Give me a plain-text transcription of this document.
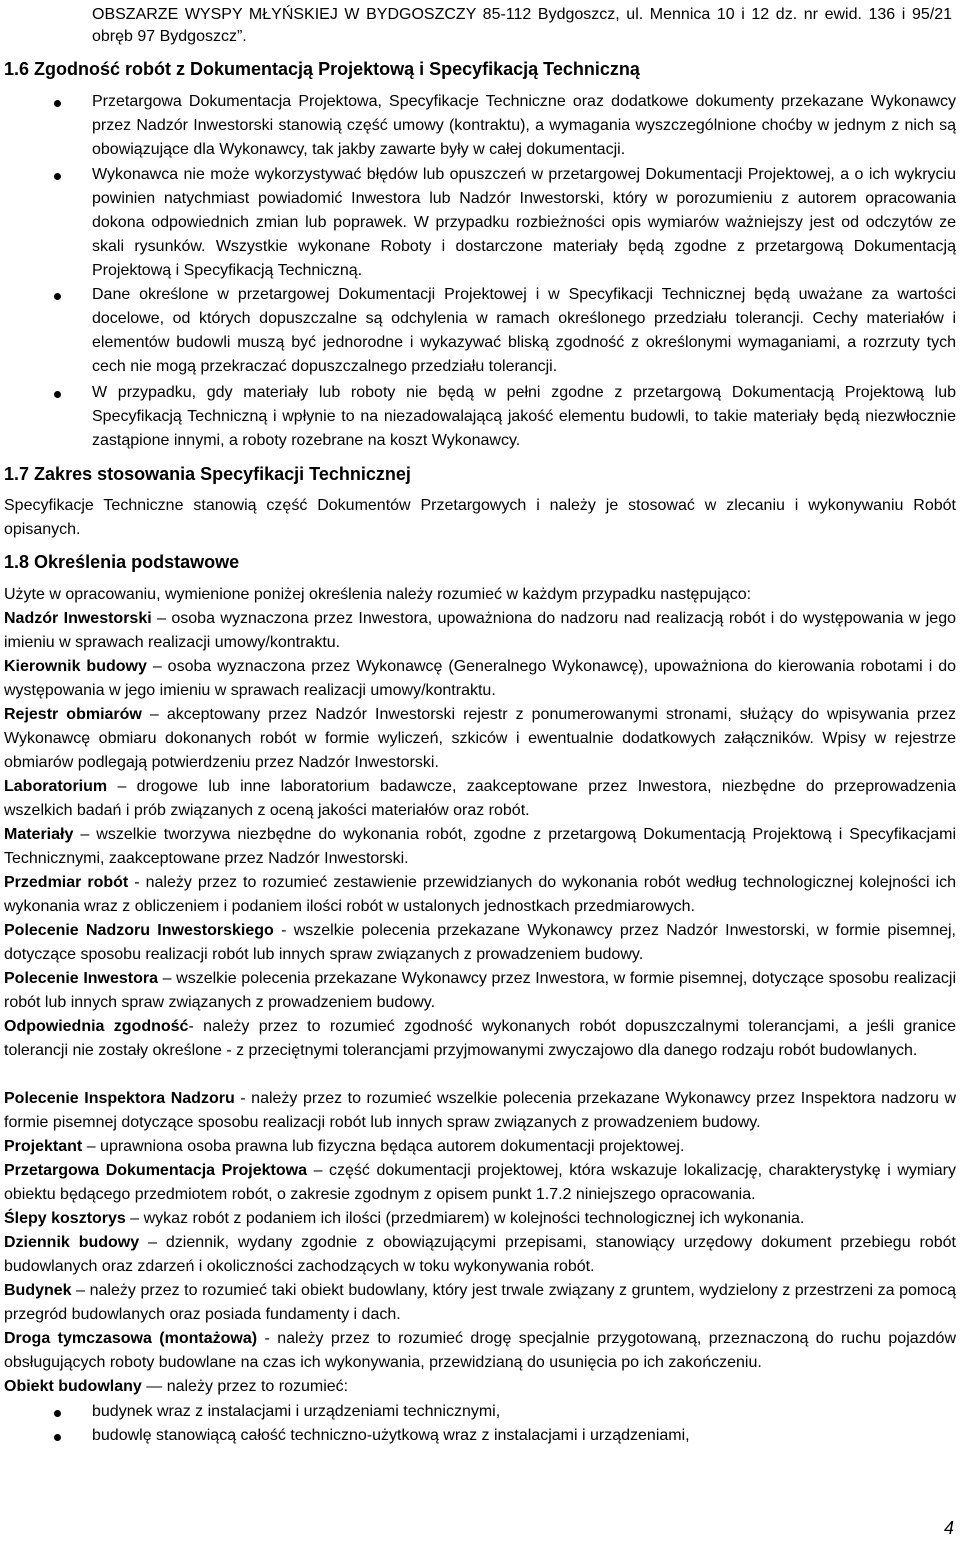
OBSZARZE WYSPY MŁYŃSKIEJ W BYDGOSZCZY 85-112 Bydgoszcz, ul. Mennica 10 i 12 dz. nr ewid. 136 i 95/21 obręb 97 Bydgoszcz”.
1.6 Zgodność robót z Dokumentacją Projektową i Specyfikacją Techniczną
Przetargowa Dokumentacja Projektowa, Specyfikacje Techniczne oraz dodatkowe dokumenty przekazane Wykonawcy przez Nadzór Inwestorski stanowią część umowy (kontraktu), a wymagania wyszczególnione choćby w jednym z nich są obowiązujące dla Wykonawcy, tak jakby zawarte były w całej dokumentacji.
Wykonawca nie może wykorzystywać błędów lub opuszczeń w przetargowej Dokumentacji Projektowej, a o ich wykryciu powinien natychmiast powiadomić Inwestora lub Nadzór Inwestorski, który w porozumieniu z autorem opracowania dokona odpowiednich zmian lub poprawek. W przypadku rozbieżności opis wymiarów ważniejszy jest od odczytów ze skali rysunków. Wszystkie wykonane Roboty i dostarczone materiały będą zgodne z przetargową Dokumentacją Projektową i Specyfikacją Techniczną.
Dane określone w przetargowej Dokumentacji Projektowej i w Specyfikacji Technicznej będą uważane za wartości docelowe, od których dopuszczalne są odchylenia w ramach określonego przedziału tolerancji. Cechy materiałów i elementów budowli muszą być jednorodne i wykazywać bliską zgodność z określonymi wymaganiami, a rozrzuty tych cech nie mogą przekraczać dopuszczalnego przedziału tolerancji.
W przypadku, gdy materiały lub roboty nie będą w pełni zgodne z przetargową Dokumentacją Projektową lub Specyfikacją Techniczną i wpłynie to na niezadowalającą jakość elementu budowli, to takie materiały będą niezwłocznie zastąpione innymi, a roboty rozebrane na koszt Wykonawcy.
1.7 Zakres stosowania Specyfikacji Technicznej
Specyfikacje Techniczne stanowią część Dokumentów Przetargowych i należy je stosować w zlecaniu i wykonywaniu Robót opisanych.
1.8 Określenia podstawowe
Użyte w opracowaniu, wymienione poniżej określenia należy rozumieć w każdym przypadku następująco:
Nadzór Inwestorski – osoba wyznaczona przez Inwestora, upoważniona do nadzoru nad realizacją robót i do występowania w jego imieniu w sprawach realizacji umowy/kontraktu.
Kierownik budowy – osoba wyznaczona przez Wykonawcę (Generalnego Wykonawcę), upoważniona do kierowania robotami i do występowania w jego imieniu w sprawach realizacji umowy/kontraktu.
Rejestr obmiarów – akceptowany przez Nadzór Inwestorski rejestr z ponumerowanymi stronami, służący do wpisywania przez Wykonawcę obmiaru dokonanych robót w formie wyliczeń, szkiców i ewentualnie dodatkowych załączników. Wpisy w rejestrze obmiarów podlegają potwierdzeniu przez Nadzór Inwestorski.
Laboratorium – drogowe lub inne laboratorium badawcze, zaakceptowane przez Inwestora, niezbędne do przeprowadzenia wszelkich badań i prób związanych z oceną jakości materiałów oraz robót.
Materiały – wszelkie tworzywa niezbędne do wykonania robót, zgodne z przetargową Dokumentacją Projektową i Specyfikacjami Technicznymi, zaakceptowane przez Nadzór Inwestorski.
Przedmiar robót - należy przez to rozumieć zestawienie przewidzianych do wykonania robót według technologicznej kolejności ich wykonania wraz z obliczeniem i podaniem ilości robót w ustalonych jednostkach przedmiarowych.
Polecenie Nadzoru Inwestorskiego - wszelkie polecenia przekazane Wykonawcy przez Nadzór Inwestorski, w formie pisemnej, dotyczące sposobu realizacji robót lub innych spraw związanych z prowadzeniem budowy.
Polecenie Inwestora – wszelkie polecenia przekazane Wykonawcy przez Inwestora, w formie pisemnej, dotyczące sposobu realizacji robót lub innych spraw związanych z prowadzeniem budowy.
Odpowiednia zgodność- należy przez to rozumieć zgodność wykonanych robót dopuszczalnymi tolerancjami, a jeśli granice tolerancji nie zostały określone - z przeciętnymi tolerancjami przyjmowanymi zwyczajowo dla danego rodzaju robót budowlanych.
Polecenie Inspektora Nadzoru - należy przez to rozumieć wszelkie polecenia przekazane Wykonawcy przez Inspektora nadzoru w formie pisemnej dotyczące sposobu realizacji robót lub innych spraw związanych z prowadzeniem budowy.
Projektant – uprawniona osoba prawna lub fizyczna będąca autorem dokumentacji projektowej.
Przetargowa Dokumentacja Projektowa – część dokumentacji projektowej, która wskazuje lokalizację, charakterystykę i wymiary obiektu będącego przedmiotem robót, o zakresie zgodnym z opisem punkt 1.7.2 niniejszego opracowania.
Ślepy kosztorys – wykaz robót z podaniem ich ilości (przedmiarem) w kolejności technologicznej ich wykonania.
Dziennik budowy – dziennik, wydany zgodnie z obowiązującymi przepisami, stanowiący urzędowy dokument przebiegu robót budowlanych oraz zdarzeń i okoliczności zachodzących w toku wykonywania robót.
Budynek – należy przez to rozumieć taki obiekt budowlany, który jest trwale związany z gruntem, wydzielony z przestrzeni za pomocą przegród budowlanych oraz posiada fundamenty i dach.
Droga tymczasowa (montażowa) - należy przez to rozumieć drogę specjalnie przygotowaną, przeznaczoną do ruchu pojazdów obsługujących roboty budowlane na czas ich wykonywania, przewidzianą do usunięcia po ich zakończeniu.
Obiekt budowlany — należy przez to rozumieć:
budynek wraz z instalacjami i urządzeniami technicznymi,
budowlę stanowiącą całość techniczno-użytkową wraz z instalacjami i urządzeniami,
4
